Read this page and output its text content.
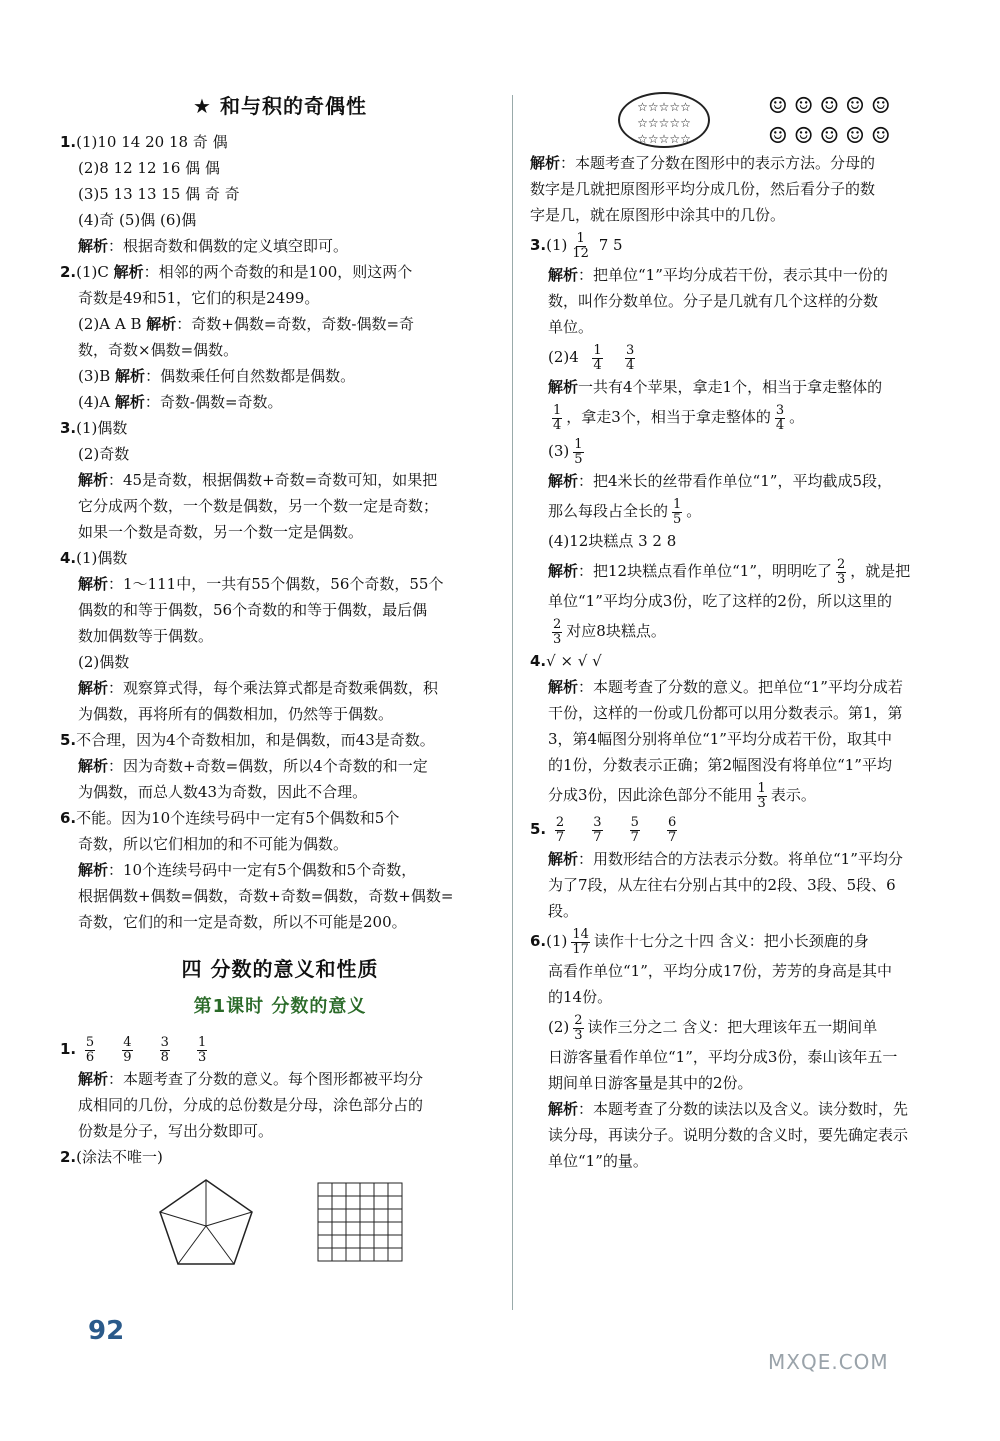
★ 和与积的奇偶性

1.(1)10 14 20 18 奇 偶

(2)8 12 12 16 偶 偶

(3)5 13 13 15 偶 奇 奇

(4)奇 (5)偶 (6)偶

解析：根据奇数和偶数的定义填空即可。

2.(1)C 解析：相邻的两个奇数的和是100，则这两个

奇数是49和51，它们的积是2499。

(2)A A B 解析：奇数+偶数=奇数，奇数-偶数=奇

数，奇数×偶数=偶数。

(3)B 解析：偶数乘任何自然数都是偶数。

(4)A 解析：奇数-偶数=奇数。

3.(1)偶数

(2)奇数

解析：45是奇数，根据偶数+奇数=奇数可知，如果把

它分成两个数，一个数是偶数，另一个数一定是奇数；

如果一个数是奇数，另一个数一定是偶数。

4.(1)偶数

解析：1～111中，一共有55个偶数，56个奇数，55个

偶数的和等于偶数，56个奇数的和等于偶数，最后偶

数加偶数等于偶数。

(2)偶数

解析：观察算式得，每个乘法算式都是奇数乘偶数，积

为偶数，再将所有的偶数相加，仍然等于偶数。

5.不合理，因为4个奇数相加，和是偶数，而43是奇数。

解析：因为奇数+奇数=偶数，所以4个奇数的和一定

为偶数，而总人数43为奇数，因此不合理。

6.不能。因为10个连续号码中一定有5个偶数和5个

奇数，所以它们相加的和不可能为偶数。

解析：10个连续号码中一定有5个偶数和5个奇数，

根据偶数+偶数=偶数，奇数+奇数=偶数，奇数+偶数=

奇数，它们的和一定是奇数，所以不可能是200。

四 分数的意义和性质
第1课时 分数的意义

1. $\frac{5}{6}$
$\frac{4}{9}$
$\frac{3}{8}$
$\frac{1}{3}$

解析：本题考查了分数的意义。每个图形都被平均分

成相同的几份，分成的总份数是分母，涂色部分占的

份数是分子，写出分数即可。

2.(涂法不唯一)

☆☆☆☆☆
☆☆☆☆☆
☆☆☆☆☆
☺☺☺☺☺
☺☺☺☺☺

解析：本题考查了分数在图形中的表示方法。分母的

数字是几就把原图形平均分成几份，然后看分子的数

字是几，就在原图形中涂其中的几份。

$3.(1) \frac{1}{12} 7$ 5

解析：把单位“1”平均分成若干份，表示其中一份的

数，叫作分数单位。分子是几就有几个这样的分数

单位。

$(2)4 \frac{1}{4}$
$\frac{3}{4}$

解析一共有4个苹果，拿走1个，相当于拿走整体的

$\frac{1}{4}$ ，拿走3个，相当于拿走整体的 $\frac{3}{4}$ 。

$(3) \frac{1}{5}$

解析：把4米长的丝带看作单位“1”，平均截成5段，

那么每段占全长的 $\frac{1}{5}$ 。

(4)12块糕点 3 2 8

解析：把12块糕点看作单位“1”，明明吃了 $\frac{2}{3}$ ，就是把

单位“1”平均分成3份，吃了这样的2份，所以这里的

$\frac{2}{3}$ 对应8块糕点。

4.√ × √ √

解析：本题考查了分数的意义。把单位“1”平均分成若

干份，这样的一份或几份都可以用分数表示。第1，第

3，第4幅图分别将单位“1”平均分成若干份，取其中

的1份，分数表示正确；第2幅图没有将单位“1”平均

分成3份，因此涂色部分不能用 $\frac{1}{3}$ 表示。

5. $\frac{2}{7}$
$\frac{3}{7}$
$\frac{5}{7}$
$\frac{6}{7}$

解析：用数形结合的方法表示分数。将单位“1”平均分

为了7段，从左往右分别占其中的2段、3段、5段、6

段。

$6.(1) \frac{14}{17}$ 读作十七分之十四 含义：把小长颈鹿的身

高看作单位“1”，平均分成17份，芳芳的身高是其中

的14份。

$(2) \frac{2}{3}$ 读作三分之二 含义：把大理该年五一期间单

日游客量看作单位“1”，平均分成3份，泰山该年五一

期间单日游客量是其中的2份。

解析：本题考查了分数的读法以及含义。读分数时，先

读分母，再读分子。说明分数的含义时，要先确定表示

单位“1”的量。

92
MXQE.COM
